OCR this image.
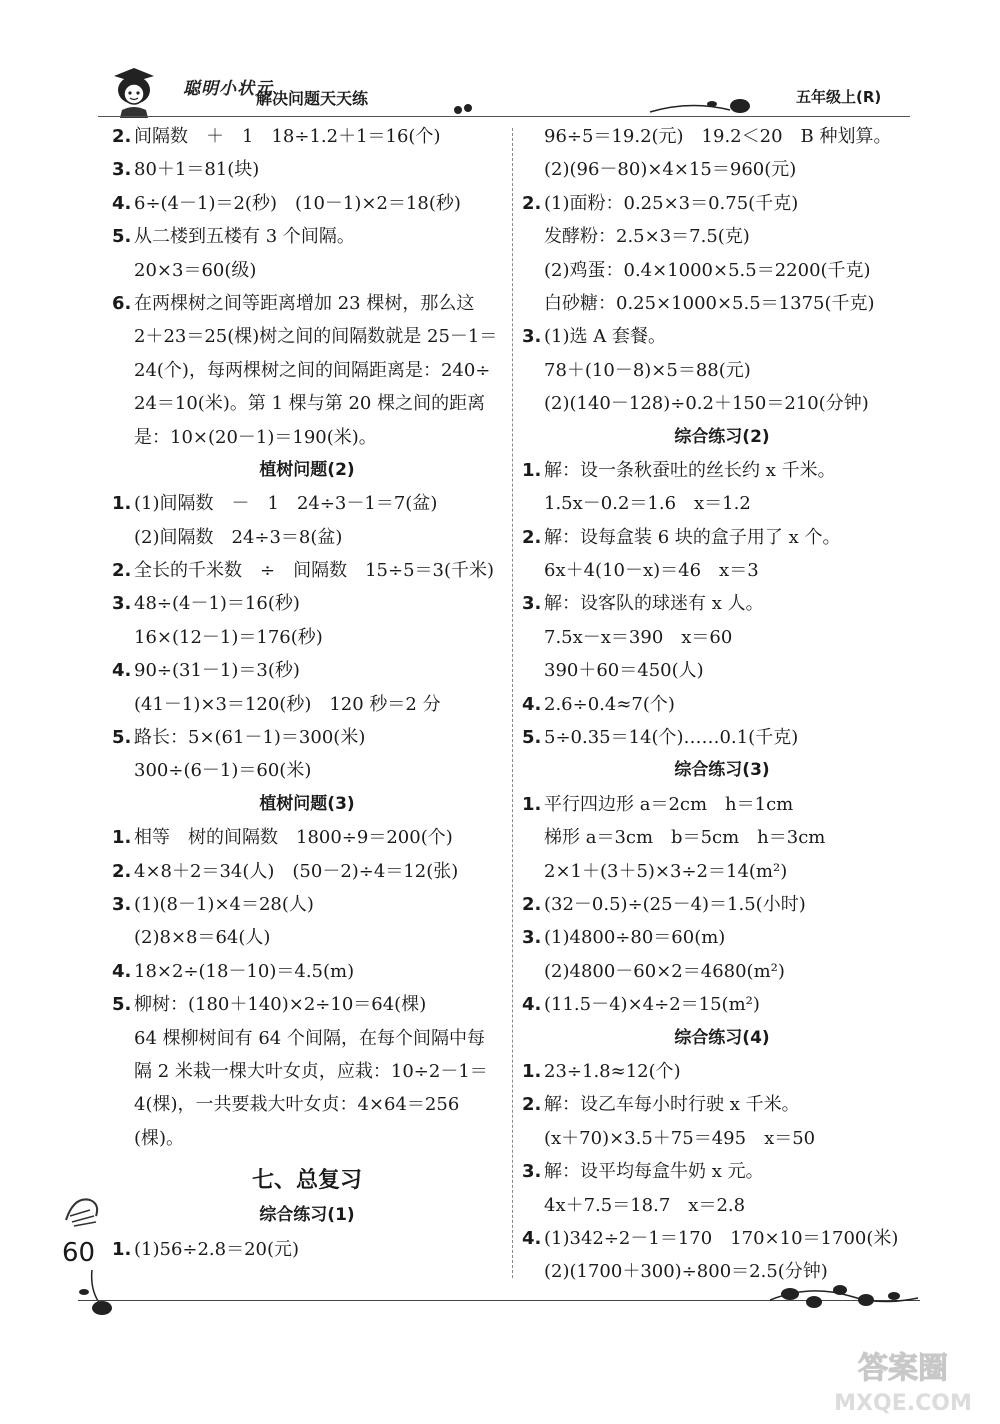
聪明小状元
解决问题天天练	五年级上(R)
2. 间隔数　＋　1　18÷1.2＋1＝16(个)
3. 80＋1＝81(块)
4. 6÷(4－1)＝2(秒)　(10－1)×2＝18(秒)
5. 从二楼到五楼有 3 个间隔。
20×3＝60(级)
6. 在两棵树之间等距离增加 23 棵树，那么这
2＋23＝25(棵)树之间的间隔数就是 25－1＝
24(个)，每两棵树之间的间隔距离是：240÷
24＝10(米)。第 1 棵与第 20 棵之间的距离
是：10×(20－1)＝190(米)。
植树问题(2)
1. (1)间隔数　－　1　24÷3－1＝7(盆)
(2)间隔数　24÷3＝8(盆)
2. 全长的千米数　÷　间隔数　15÷5＝3(千米)
3. 48÷(4－1)＝16(秒)
16×(12－1)＝176(秒)
4. 90÷(31－1)＝3(秒)
(41－1)×3＝120(秒)　120 秒＝2 分
5. 路长：5×(61－1)＝300(米)
300÷(6－1)＝60(米)
植树问题(3)
1. 相等　树的间隔数　1800÷9＝200(个)
2. 4×8＋2＝34(人)　(50－2)÷4＝12(张)
3. (1)(8－1)×4＝28(人)
(2)8×8＝64(人)
4. 18×2÷(18－10)＝4.5(m)
5. 柳树：(180＋140)×2÷10＝64(棵)
64 棵柳树间有 64 个间隔，在每个间隔中每
隔 2 米栽一棵大叶女贞，应栽：10÷2－1＝
4(棵)，一共要栽大叶女贞：4×64＝256
(棵)。
七、总复习
综合练习(1)
1. (1)56÷2.8＝20(元)
96÷5＝19.2(元)　19.2＜20　B 种划算。
(2)(96－80)×4×15＝960(元)
2. (1)面粉：0.25×3＝0.75(千克)
发酵粉：2.5×3＝7.5(克)
(2)鸡蛋：0.4×1000×5.5＝2200(千克)
白砂糖：0.25×1000×5.5＝1375(千克)
3. (1)选 A 套餐。
78＋(10－8)×5＝88(元)
(2)(140－128)÷0.2＋150＝210(分钟)
综合练习(2)
1. 解：设一条秋蚕吐的丝长约 x 千米。
1.5x－0.2＝1.6　x＝1.2
2. 解：设每盒装 6 块的盒子用了 x 个。
6x＋4(10－x)＝46　x＝3
3. 解：设客队的球迷有 x 人。
7.5x－x＝390　x＝60
390＋60＝450(人)
4. 2.6÷0.4≈7(个)
5. 5÷0.35＝14(个)……0.1(千克)
综合练习(3)
1. 平行四边形 a＝2cm　h＝1cm
梯形 a＝3cm　b＝5cm　h＝3cm
2×1＋(3＋5)×3÷2＝14(m²)
2. (32－0.5)÷(25－4)＝1.5(小时)
3. (1)4800÷80＝60(m)
(2)4800－60×2＝4680(m²)
4. (11.5－4)×4÷2＝15(m²)
综合练习(4)
1. 23÷1.8≈12(个)
2. 解：设乙车每小时行驶 x 千米。
(x＋70)×3.5＋75＝495　x＝50
3. 解：设平均每盒牛奶 x 元。
4x＋7.5＝18.7　x＝2.8
4. (1)342÷2－1＝170　170×10＝1700(米)
(2)(1700＋300)÷800＝2.5(分钟)
60
答案圈
MXQE.COM
